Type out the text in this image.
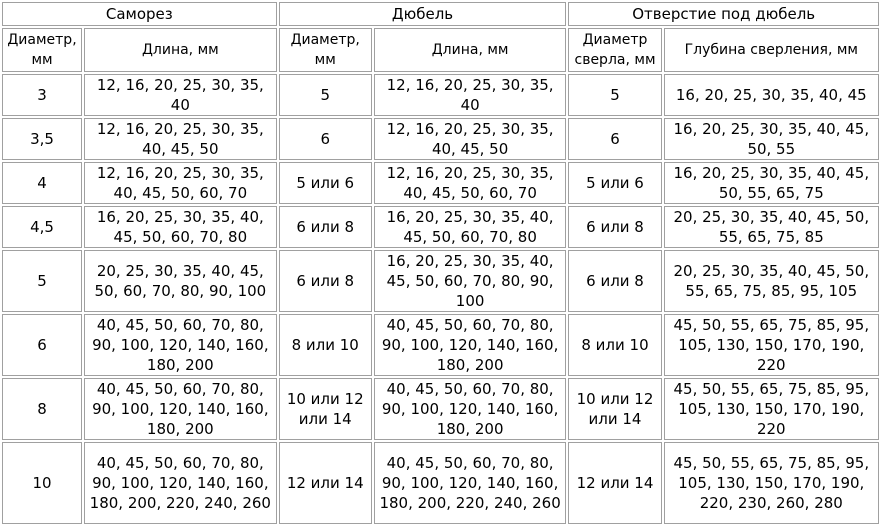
Саморез		Дюбель		Отверстие под дюбель	
Диаметр, мм	Длина, мм	Диаметр, мм	Длина, мм	Диаметр сверла, мм	Глубина сверления, мм
3	12, 16, 20, 25, 30, 35, 40	5	12, 16, 20, 25, 30, 35, 40	5	16, 20, 25, 30, 35, 40, 45
3,5	12, 16, 20, 25, 30, 35, 40, 45, 50	6	12, 16, 20, 25, 30, 35, 40, 45, 50	6	16, 20, 25, 30, 35, 40, 45, 50, 55
4	12, 16, 20, 25, 30, 35, 40, 45, 50, 60, 70	5 или 6	12, 16, 20, 25, 30, 35, 40, 45, 50, 60, 70	5 или 6	16, 20, 25, 30, 35, 40, 45, 50, 55, 65, 75
4,5	16, 20, 25, 30, 35, 40, 45, 50, 60, 70, 80	6 или 8	16, 20, 25, 30, 35, 40, 45, 50, 60, 70, 80	6 или 8	20, 25, 30, 35, 40, 45, 50, 55, 65, 75, 85
5	20, 25, 30, 35, 40, 45, 50, 60, 70, 80, 90, 100	6 или 8	16, 20, 25, 30, 35, 40, 45, 50, 60, 70, 80, 90, 100	6 или 8	20, 25, 30, 35, 40, 45, 50, 55, 65, 75, 85, 95, 105
6	40, 45, 50, 60, 70, 80, 90, 100, 120, 140, 160, 180, 200	8 или 10	40, 45, 50, 60, 70, 80, 90, 100, 120, 140, 160, 180, 200	8 или 10	45, 50, 55, 65, 75, 85, 95, 105, 130, 150, 170, 190, 220
8	40, 45, 50, 60, 70, 80, 90, 100, 120, 140, 160, 180, 200	10 или 12 или 14	40, 45, 50, 60, 70, 80, 90, 100, 120, 140, 160, 180, 200	10 или 12 или 14	45, 50, 55, 65, 75, 85, 95, 105, 130, 150, 170, 190, 220
10	40, 45, 50, 60, 70, 80, 90, 100, 120, 140, 160, 180, 200, 220, 240, 260	12 или 14	40, 45, 50, 60, 70, 80, 90, 100, 120, 140, 160, 180, 200, 220, 240, 260	12 или 14	45, 50, 55, 65, 75, 85, 95, 105, 130, 150, 170, 190, 220, 230, 260, 280
